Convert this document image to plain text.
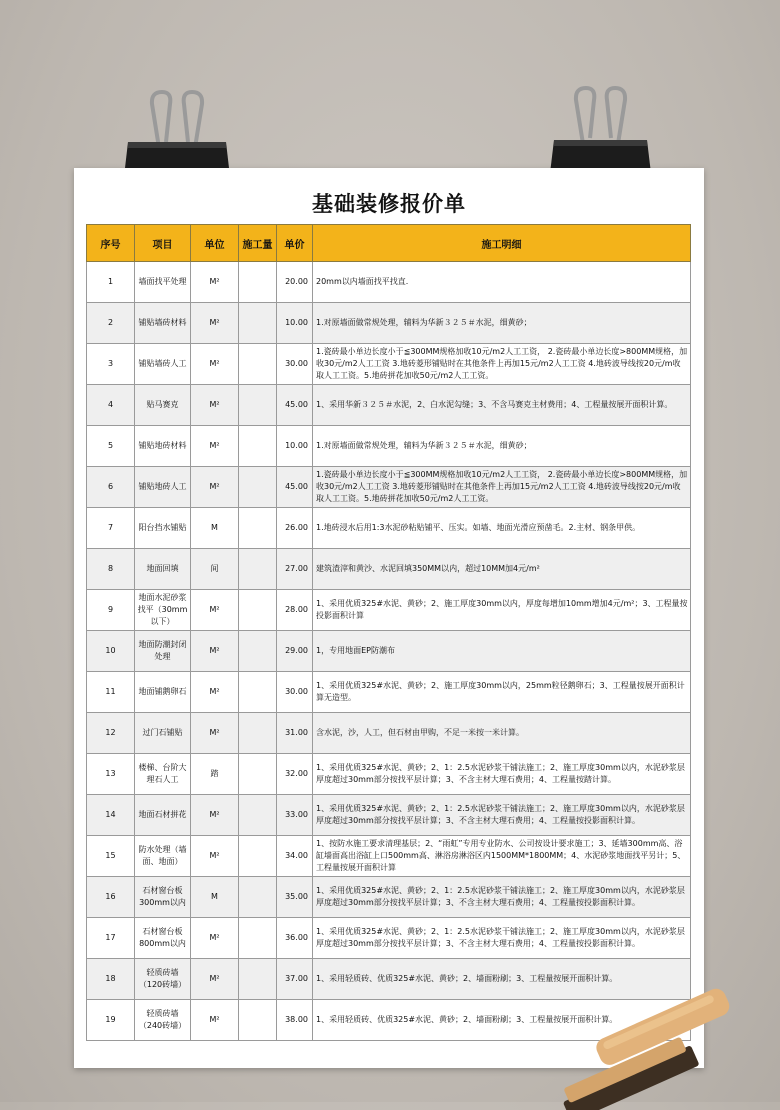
基础装修报价单
序号	项目	单位	施工量	单价	施工明细
1	墙面找平处理	M²		20.00	20mm以内墙面找平找直.
2	铺贴墙砖材料	M²		10.00	1.对原墙面做常规处理，辅料为华新３２５＃水泥，细黄砂；
3	铺贴墙砖人工	M²		30.00	1.瓷砖最小单边长度小于≦300MM规格加收10元/m2人工工资， 2.瓷砖最小单边长度>800MM规格，加收30元/m2人工工资 3.地砖菱形铺贴时在其他条件上再加15元/m2人工工资 4.地砖波导线按20元/m收取人工工资。5.地砖拼花加收50元/m2人工工资。
4	贴马赛克	M²		45.00	1、采用华新３２５＃水泥，2、白水泥勾缝；3、不含马赛克主材费用；4、工程量按展开面积计算。
5	铺贴地砖材料	M²		10.00	1.对原墙面做常规处理，辅料为华新３２５＃水泥，细黄砂；
6	铺贴地砖人工	M²		45.00	1.瓷砖最小单边长度小于≦300MM规格加收10元/m2人工工资， 2.瓷砖最小单边长度>800MM规格，加收30元/m2人工工资 3.地砖菱形铺贴时在其他条件上再加15元/m2人工工资 4.地砖波导线按20元/m收取人工工资。5.地砖拼花加收50元/m2人工工资。
7	阳台挡水铺贴	M		26.00	1.地砖浸水后用1:3水泥砂粘贴铺平、压实。如墙、地面光滑应预凿毛。2.主材、钢条甲供。
8	地面回填	间		27.00	建筑渣滓和黄沙、水泥回填350MM以内，超过10MM加4元/m²
9	地面水泥砂浆找平（30mm以下）	M²		28.00	1、采用优质325#水泥、黄砂；2、施工厚度30mm以内，厚度每增加10mm增加4元/m²；3、工程量按投影面积计算
10	地面防潮封闭处理	M²		29.00	1，专用地面EP防潮布
11	地面铺鹅卵石	M²		30.00	1、采用优质325#水泥、黄砂；2、施工厚度30mm以内，25mm粒径鹅卵石；3、工程量按展开面积计算无造型。
12	过门石铺贴	M²		31.00	含水泥，沙，人工，但石材由甲购，不足一米按一米计算。
13	楼梯、台阶大理石人工	踏		32.00	1、采用优质325#水泥、黄砂；2、1：2.5水泥砂浆干铺法施工；2、施工厚度30mm以内，水泥砂浆层厚度超过30mm部分按找平层计算；3、不含主材大理石费用；4、工程量按踏计算。
14	地面石材拼花	M²		33.00	1、采用优质325#水泥、黄砂；2、1：2.5水泥砂浆干铺法施工；2、施工厚度30mm以内，水泥砂浆层厚度超过30mm部分按找平层计算；3、不含主材大理石费用；4、工程量按投影面积计算。
15	防水处理（墙面、地面）	M²		34.00	1、按防水施工要求清理基层；2、“雨虹”专用专业防水、公司按设计要求施工；3、延墙300mm高、浴缸墙面高出浴缸上口500mm高、淋浴房淋浴区内1500MM*1800MM；4、水泥砂浆地面找平另计；5、工程量按展开面积计算
16	石材窗台板300mm以内	M		35.00	1、采用优质325#水泥、黄砂；2、1：2.5水泥砂浆干铺法施工；2、施工厚度30mm以内，水泥砂浆层厚度超过30mm部分按找平层计算；3、不含主材大理石费用；4、工程量按投影面积计算。
17	石材窗台板800mm以内	M²		36.00	1、采用优质325#水泥、黄砂；2、1：2.5水泥砂浆干铺法施工；2、施工厚度30mm以内，水泥砂浆层厚度超过30mm部分按找平层计算；3、不含主材大理石费用；4、工程量按投影面积计算。
18	轻质砖墙（120砖墙）	M²		37.00	1、采用轻质砖、优质325#水泥、黄砂；2、墙面粉刷；3、工程量按展开面积计算。
19	轻质砖墙（240砖墙）	M²		38.00	1、采用轻质砖、优质325#水泥、黄砂；2、墙面粉刷；3、工程量按展开面积计算。
